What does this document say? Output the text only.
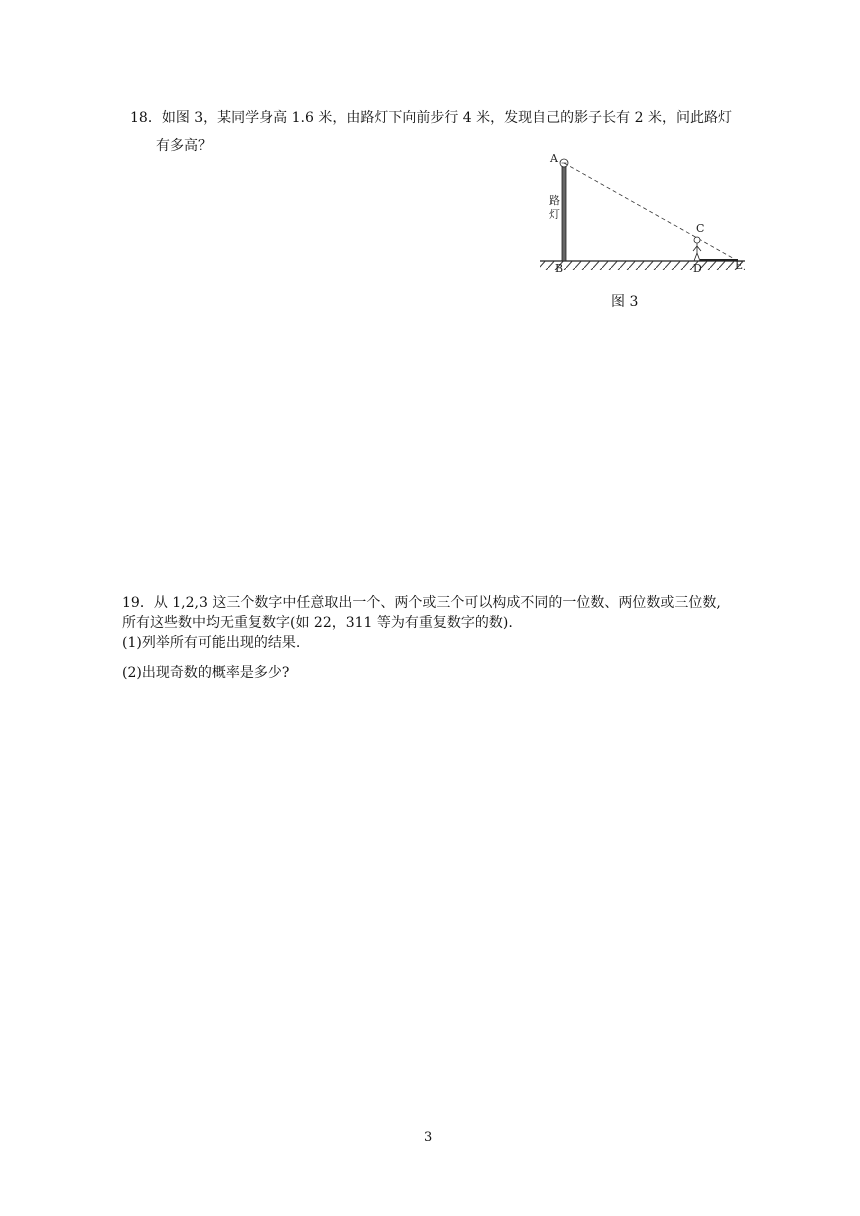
18．如图 3，某同学身高 1.6 米，由路灯下向前步行 4 米，发现自己的影子长有 2 米，问此路灯
有多高？
A
B
C
D	E
路
灯
图 3
19．从 1,2,3 这三个数字中任意取出一个、两个或三个可以构成不同的一位数、两位数或三位数,
所有这些数中均无重复数字(如 22，311 等为有重复数字的数).
(1)列举所有可能出现的结果.
(2)出现奇数的概率是多少?
3
